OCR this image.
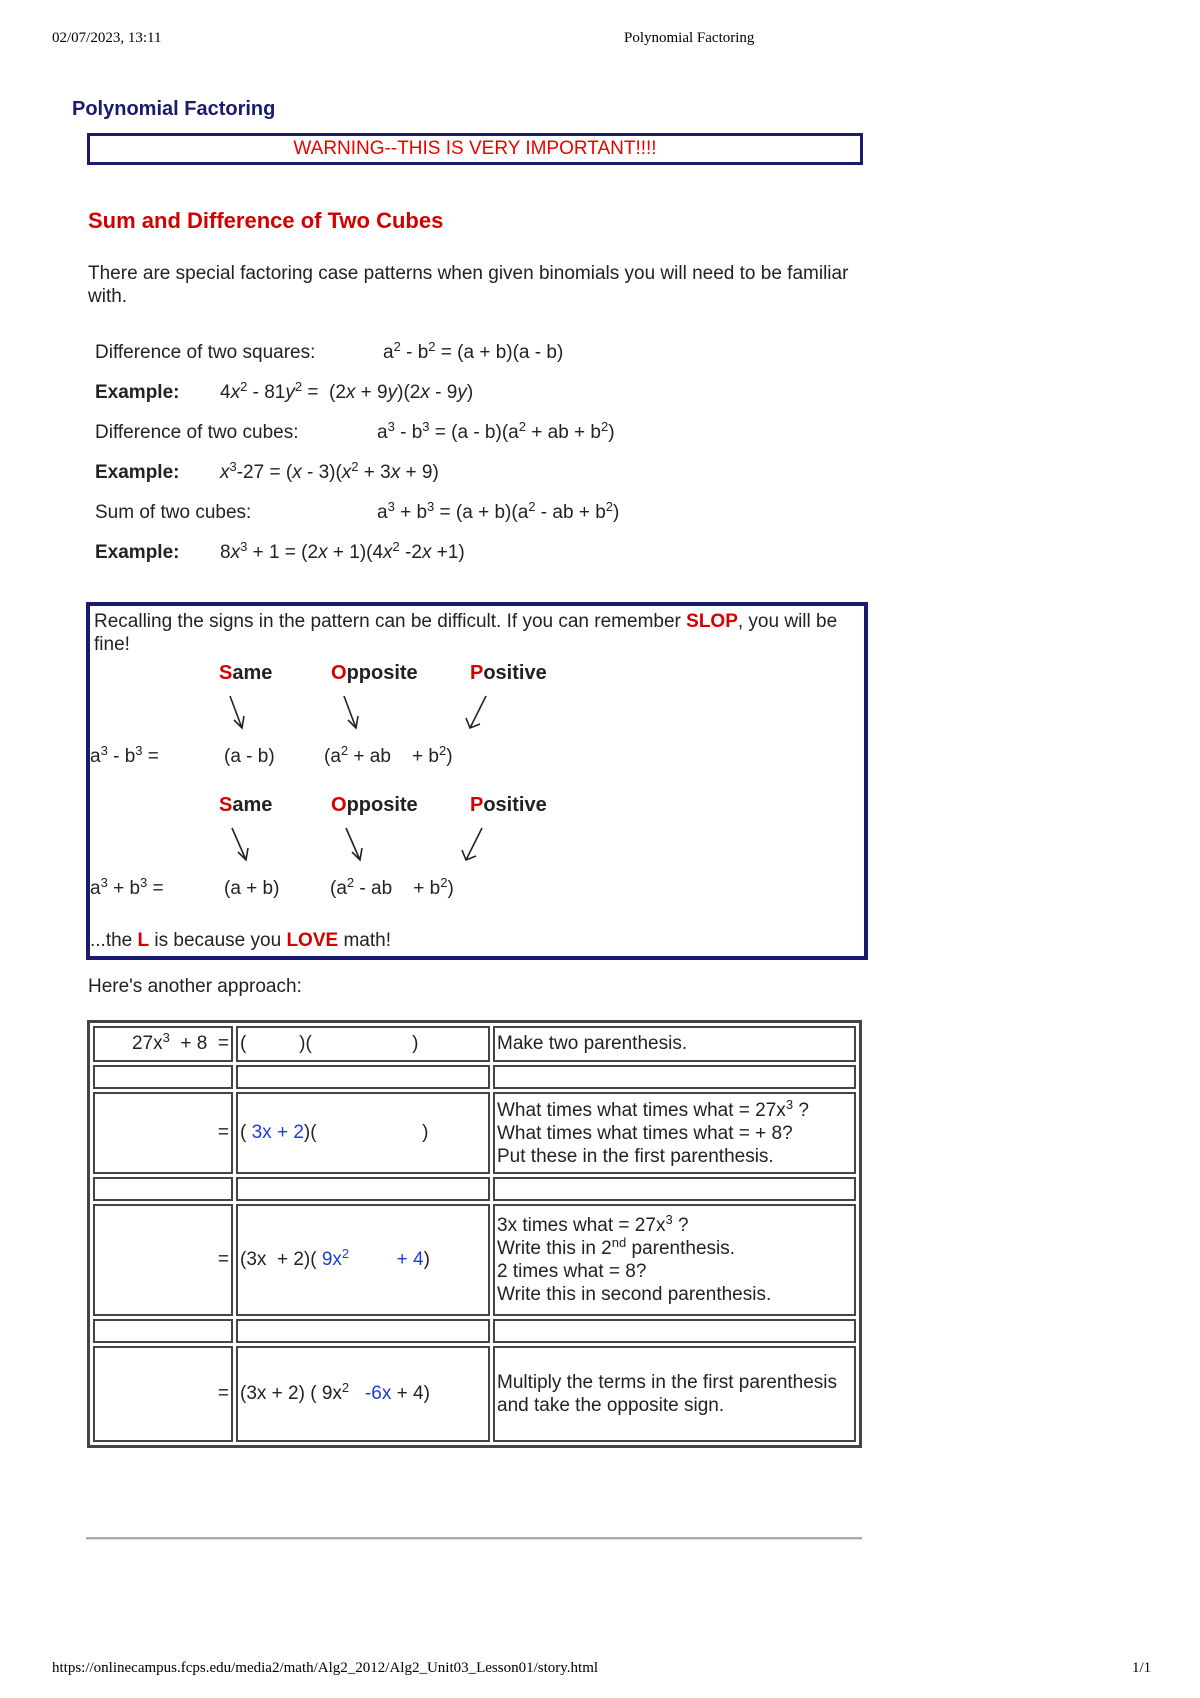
02/07/2023, 13:11	Polynomial Factoring
https://onlinecampus.fcps.edu/media2/math/Alg2_2012/Alg2_Unit03_Lesson01/story.html	1/1
Polynomial Factoring
WARNING--THIS IS VERY IMPORTANT!!!!
Sum and Difference of Two Cubes
There are special factoring case patterns when given binomials you will need to be familiar with.
Difference of two squares:	$a^2 - b^2 = (a + b)(a - b)$
Example: $4x^2 - 81y^2 = (2x + 9y)(2x - 9y)$
Difference of two cubes:	$a^3 - b^3 = (a - b)(a^2$ + ab + $b^2$)
Example: $x^3-27 = (x - 3)(x^2 + 3x + 9)$
Sum of two cubes:	$a^3 + b^3 = (a + b)(a^2$ - ab + $b^2$)
Example: $8x^3 + 1 = (2x + 1)(4x^2$ -2x +1)
Recalling the signs in the pattern can be difficult. If you can remember SLOP, you will be fine!
Same	Opposite	Positive
$a^3 - b^3$ =	(a - b)	($a^2$ + ab    + $b^2$)
Same	Opposite	Positive
$a^3 + b^3$ =	(a + b)	($a^2$ - ab    + $b^2$)
...the L is because you LOVE math!
Here's another approach:
$27x^3 + 8$  =	(          )(                   )	Make two parenthesis.

=	( 3x + 2)(                    )	What times what times what = $27x^3$ ?
What times what times what = + 8?
Put these in the first parenthesis.

=	(3x  + 2)( $9x^2 + 4$)	3x times what = $27x^3$ ?
Write this in 2nd parenthesis.
2 times what = 8?
Write this in second parenthesis.

=	(3x + 2) ( $9x^2$ -6x + 4)	Multiply the terms in the first parenthesis and take the opposite sign.
